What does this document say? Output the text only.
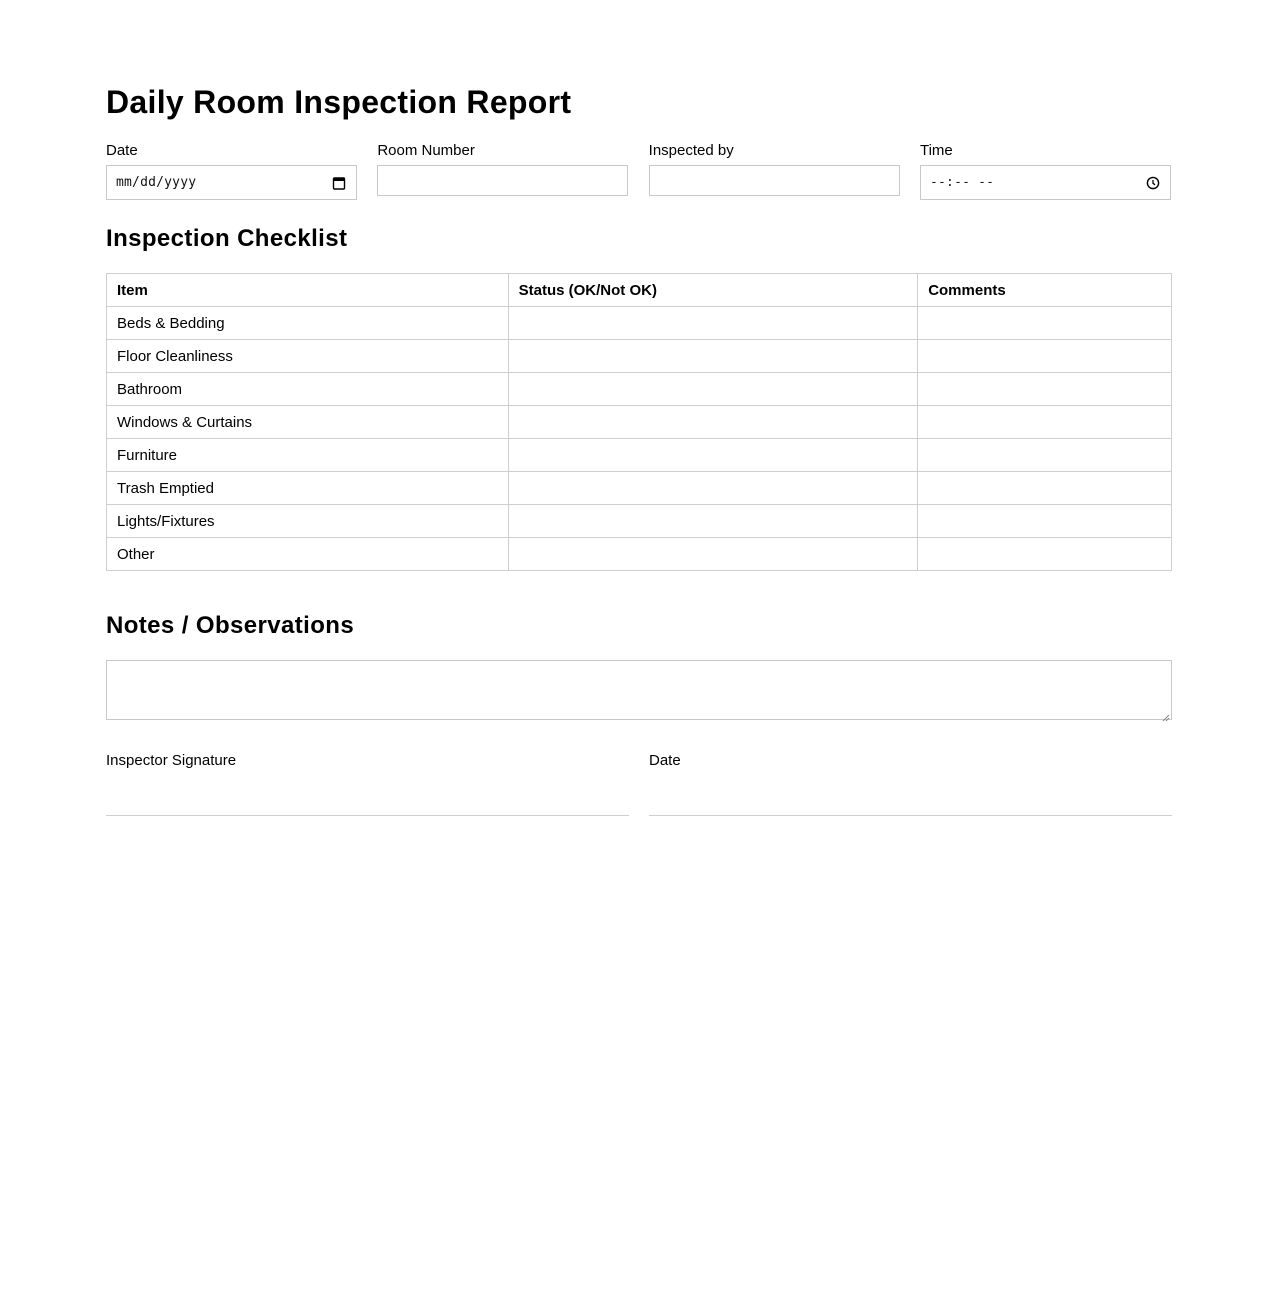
Daily Room Inspection Report
Date
mm/dd/yyyy
Room Number	Inspected by	Time
--:-- --
Inspection Checklist
Item	Status (OK/Not OK)	Comments
Beds & Bedding		
Floor Cleanliness		
Bathroom		
Windows & Curtains		
Furniture		
Trash Emptied		
Lights/Fixtures		
Other		
Notes / Observations
Inspector Signature	Date
